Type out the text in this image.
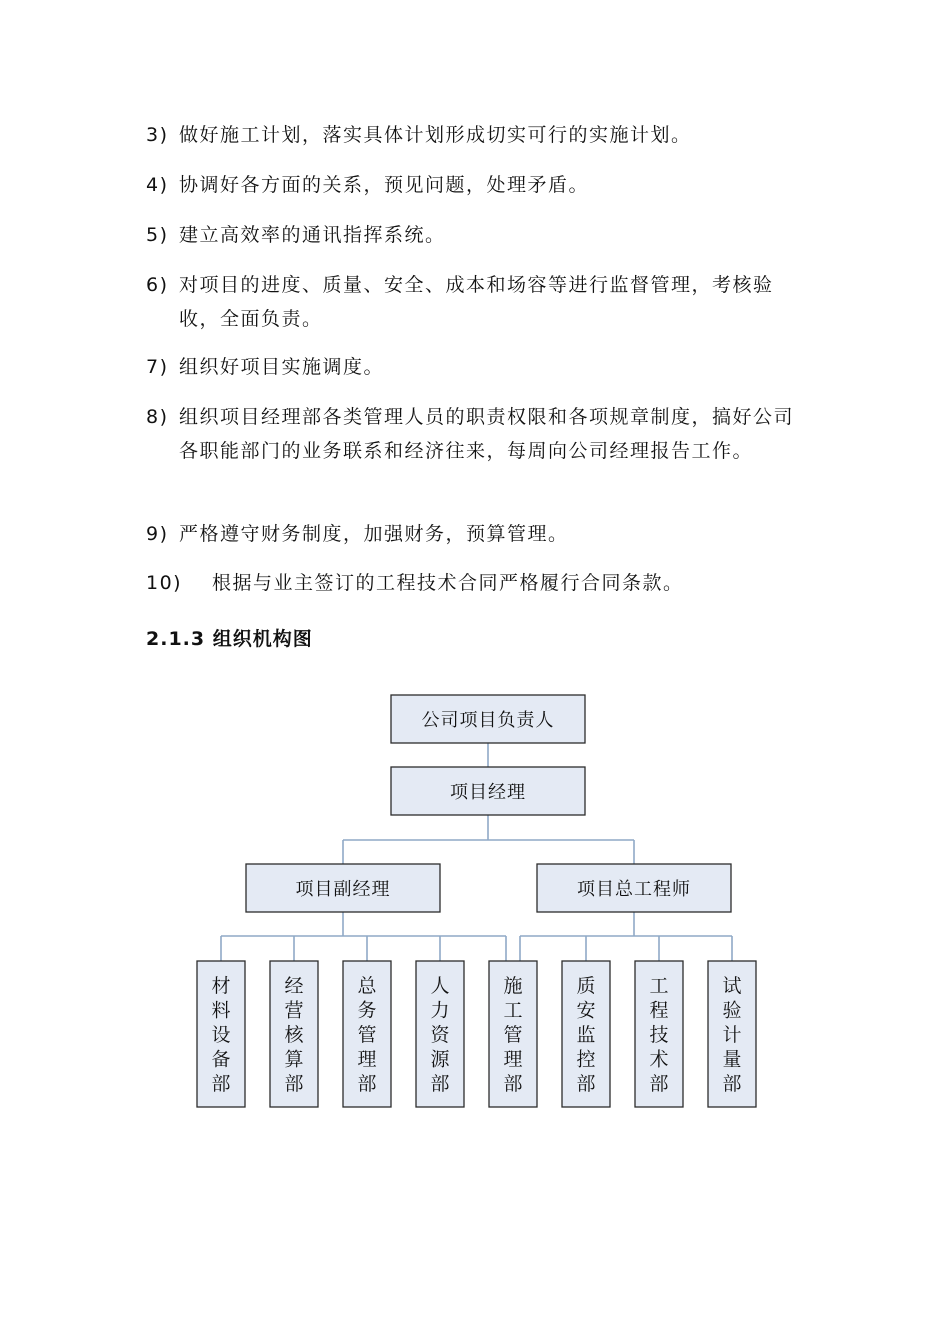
3) 做好施工计划，落实具体计划形成切实可行的实施计划。
4) 协调好各方面的关系，预见问题，处理矛盾。
5) 建立高效率的通讯指挥系统。
6) 对项目的进度、质量、安全、成本和场容等进行监督管理，考核验收，全面负责。
7) 组织好项目实施调度。
8) 组织项目经理部各类管理人员的职责权限和各项规章制度，搞好公司各职能部门的业务联系和经济往来，每周向公司经理报告工作。
9) 严格遵守财务制度，加强财务，预算管理。
10)	根据与业主签订的工程技术合同严格履行合同条款。
2.1.3 组织机构图
公司项目负责人
项目经理
项目副经理	项目总工程师
材料设备部
经营核算部
总务管理部
人力资源部
施工管理部
质安监控部
工程技术部
试验计量部
